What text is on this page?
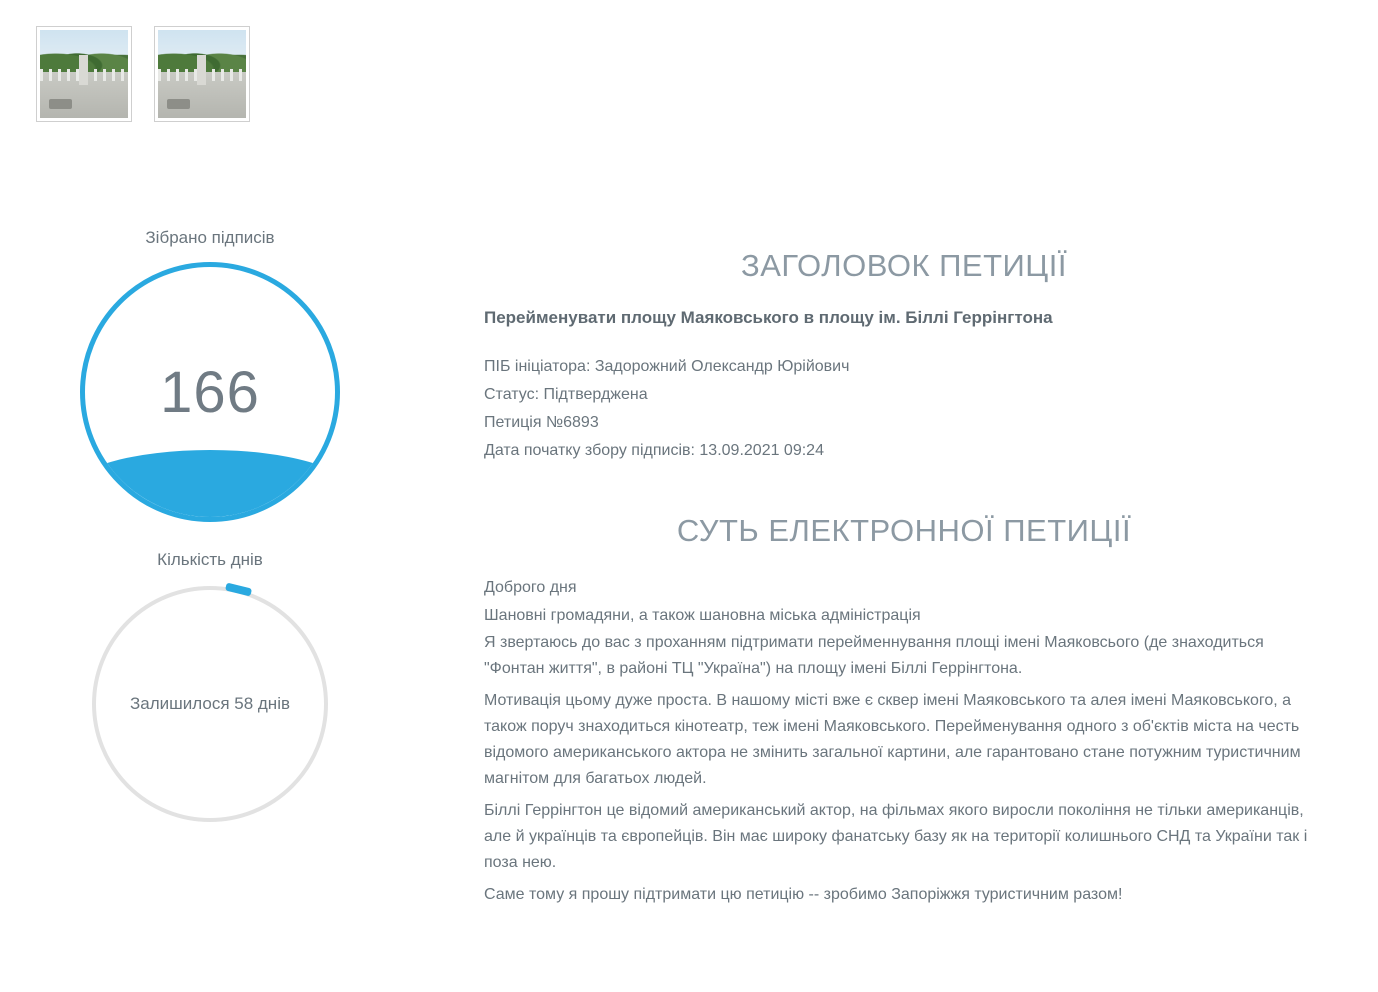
Зібрано підписів
166
Кількість днів
Залишилося 58 днів
ЗАГОЛОВОК ПЕТИЦІЇ

Перейменувати площу Маяковського в площу ім. Біллі Геррінгтона

ПІБ ініціатора: Задорожний Олександр Юрійович
Статус: Підтверджена
Петиція №6893
Дата початку збору підписів: 13.09.2021 09:24
СУТЬ ЕЛЕКТРОННОЇ ПЕТИЦІЇ

Доброго дня

Шановні громадяни, а також шановна міська адміністрація

Я звертаюсь до вас з проханням підтримати перейменнування площі імені Маяковсього (де знаходиться "Фонтан життя", в районі ТЦ "Україна") на площу імені Біллі Геррінгтона.

Мотивація цьому дуже проста. В нашому місті вже є сквер імені Маяковського та алея імені Маяковського, а також поруч знаходиться кінотеатр, теж імені Маяковського. Перейменування одного з об'єктів міста на честь відомого американського актора не змінить загальної картини, але гарантовано стане потужним туристичним магнітом для багатьох людей.

Біллі Геррінгтон це відомий американський актор, на фільмах якого виросли покоління не тільки американців, але й українців та європейців. Він має широку фанатську базу як на території колишнього СНД та України так і поза нею.

Саме тому я прошу підтримати цю петицію -- зробимо Запоріжжя туристичним разом!
